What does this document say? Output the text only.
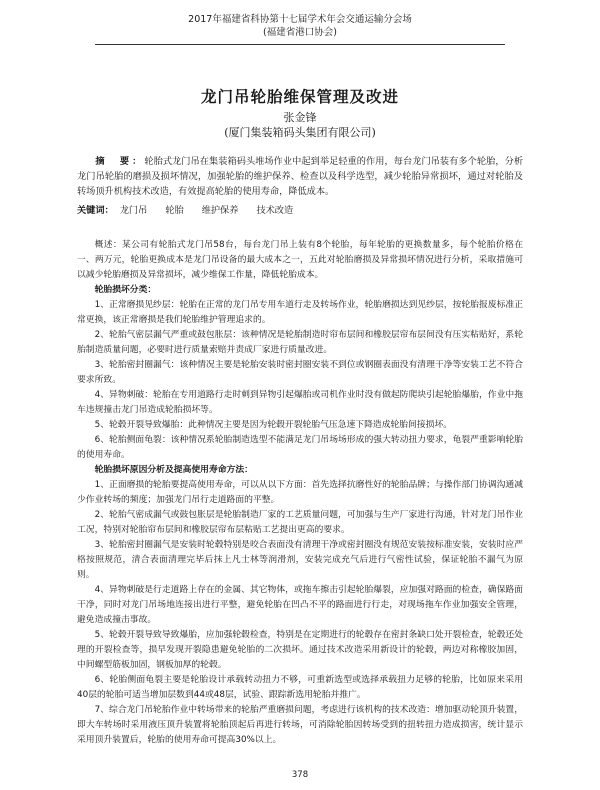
2017年福建省科协第十七届学术年会交通运输分会场
(福建省港口协会)
龙门吊轮胎维保管理及改进
张金锋
(厦门集装箱码头集团有限公司)

摘　要：轮胎式龙门吊在集装箱码头堆场作业中起到举足轻重的作用，每台龙门吊装有多个轮胎，分析龙门吊轮胎的磨损及损坏情况，加强轮胎的维护保养、检查以及科学选型，减少轮胎异常损坏，通过对轮胎及转场顶升机构技术改造，有效提高轮胎的使用寿命，降低成本。

关键词： 龙门吊 轮胎 维护保养 技术改造

概述：某公司有轮胎式龙门吊58台，每台龙门吊上装有8个轮胎，每年轮胎的更换数量多，每个轮胎价格在一、两万元，轮胎更换成本是龙门吊设备的最大成本之一，五此对轮胎磨损及异常损坏情况进行分析，采取措施可以减少轮胎磨损及异常损坏，减少维保工作量，降低轮胎成本。

轮胎损坏分类：

1、正常磨损见纱层：轮胎在正常的龙门吊专用车道行走及转场作业，轮胎磨损达到见纱层，按轮胎报废标准正常更换，该正常磨损是我们轮胎维护管理追求的。

2、轮胎气密层漏气严重或鼓包胀层：该种情况是轮胎制造时帘布层间和橡胶层帘布层间没有压实粘贴好，系轮胎制造质量问题，必要时进行质量索赔并责成厂家进行质量改进。

3、轮胎密封圈漏气：该种情况主要是轮胎安装时密封圈安装不到位或钢圈表面没有清理干净等安装工艺不符合要求所致。

4、异物刺破：轮胎在专用道路行走时刺到异物引起爆胎或司机作业时没有做起防爬块引起轮胎爆胎，作业中拖车违规撞击龙门吊造成轮胎损坏等。

5、轮毂开裂导致爆胎：此种情况主要是因为轮毂开裂轮胎气压急速下降造成轮胎间接损坏。

6、轮胎侧面龟裂：该种情况系轮胎制造选型不能满足龙门吊场场形成的强大转动扭力要求，龟裂严重影响轮胎的使用寿命。

轮胎损坏原因分析及提高使用寿命方法：

1、正面磨损的轮胎要提高使用寿命，可以从以下方面：首先选择抗磨性好的轮胎品牌；与操作部门协调沟通减少作业转场的频度；加强龙门吊行走道路面的平整。

2、轮胎气密成漏气或鼓包胀层是轮胎制造厂家的工艺质量问题，可加强与生产厂家进行沟通，针对龙门吊作业工况，特别对轮胎帘布层间和橡胶层帘布层粘贴工艺提出更高的要求。

3、轮胎密封圈漏气是安装时轮毂特别是咬合表面没有清理干净或密封圈没有规范安装按标准安装，安装时应严格按照规范，清合表面清理完毕后抹上凡士林等润滑剂，安装完成充气后进行气密性试验，保证轮胎不漏气为原则。

4、异物刺破是行走道路上存在的金属、其它物体，或拖车擦击引起轮胎爆裂，应加强对路面的检查，确保路面干净，同时对龙门吊场地连接出进行平整，避免轮胎在凹凸不平的路面进行行走，对现场拖车作业加强安全管理，避免造成撞击事故。

5、轮毂开裂导致导致爆胎，应加强轮毂检查，特别是在定期进行的轮毂存在密封条缺口处开裂检查，轮毂还处理的开裂检查等，损早发现开裂隐患避免轮胎的二次损坏。通过技术改造采用新设计的轮毂，两边对称橡胶加固，中间螺型筋板加固，钢板加厚的轮毂。

6、轮胎侧面龟裂主要是轮胎设计承载转动扭力不够，可重新选型或选择承载扭力足够的轮胎，比如原来采用40层的轮胎可适当增加层数到44或48层，试验、跟踪新选用轮胎并推广。

7、综合龙门吊轮胎作业中转场带来的轮胎严重磨损问题，考虑进行该机构的技术改造：增加驱动轮顶升装置，即大车转场时采用液压顶升装置将轮胎顶起后再进行转场，可消除轮胎因转场受到的扭转扭力造成损害，统计显示采用顶升装置后，轮胎的使用寿命可提高30%以上。

378
